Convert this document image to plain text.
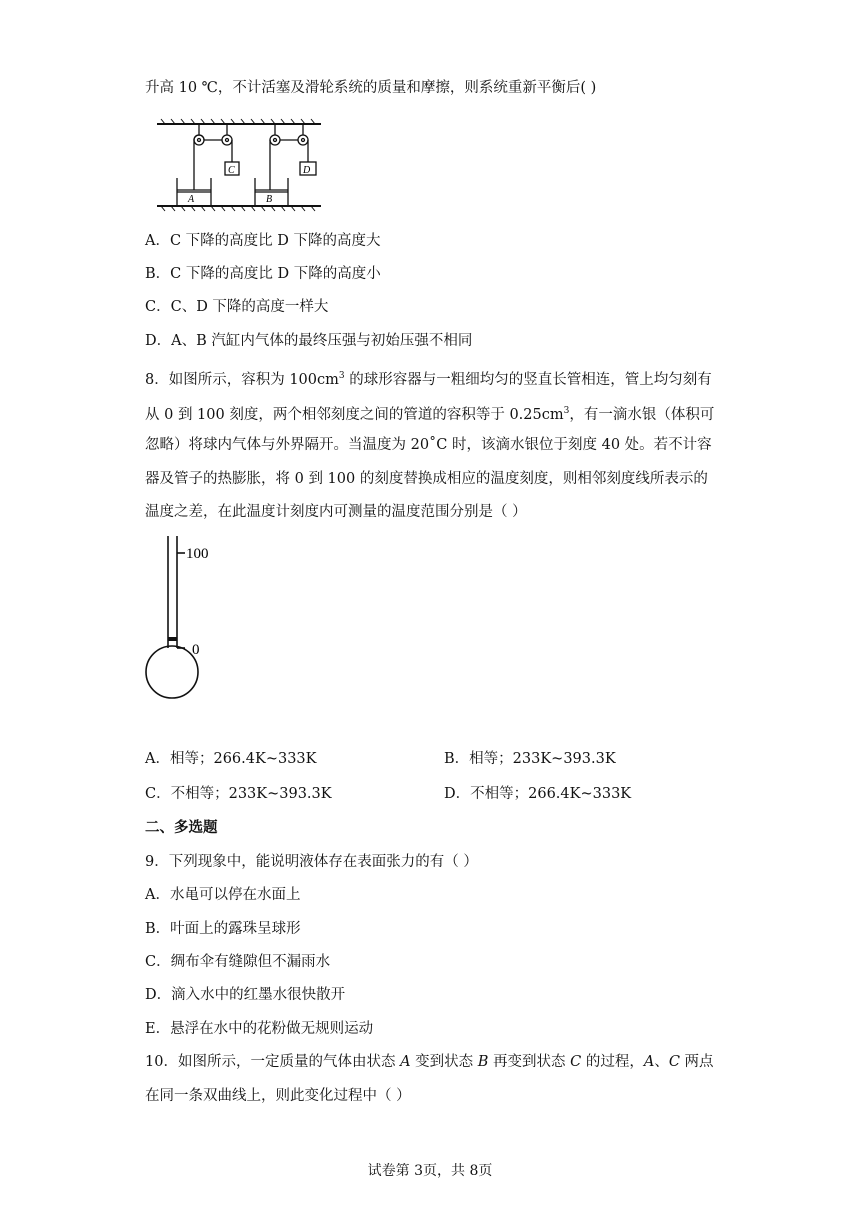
升高 10 ℃，不计活塞及滑轮系统的质量和摩擦，则系统重新平衡后( )
A	B
C	D
A．C 下降的高度比 D 下降的高度大
B．C 下降的高度比 D 下降的高度小
C．C、D 下降的高度一样大
D．A、B 汽缸内气体的最终压强与初始压强不相同
8．如图所示，容积为 $100cm^3$ 的球形容器与一粗细均匀的竖直长管相连，管上均匀刻有
从 0 到 100 刻度，两个相邻刻度之间的管道的容积等于 $0.25cm^3$，有一滴水银（体积可
忽略）将球内气体与外界隔开。当温度为 20˚C 时，该滴水银位于刻度 40 处。若不计容
器及管子的热膨胀，将 0 到 100 的刻度替换成相应的温度刻度，则相邻刻度线所表示的
温度之差，在此温度计刻度内可测量的温度范围分别是（ ）
100
0
A．相等；266.4K~333K	B．相等；233K~393.3K
C．不相等；233K~393.3K	D．不相等；266.4K~333K
二、多选题
9．下列现象中，能说明液体存在表面张力的有（ ）
A．水黾可以停在水面上
B．叶面上的露珠呈球形
C．绸布伞有缝隙但不漏雨水
D．滴入水中的红墨水很快散开
E．悬浮在水中的花粉做无规则运动
10．如图所示，一定质量的气体由状态 A 变到状态 B 再变到状态 C 的过程，A、C 两点
在同一条双曲线上，则此变化过程中（ ）
试卷第 3页，共 8页
